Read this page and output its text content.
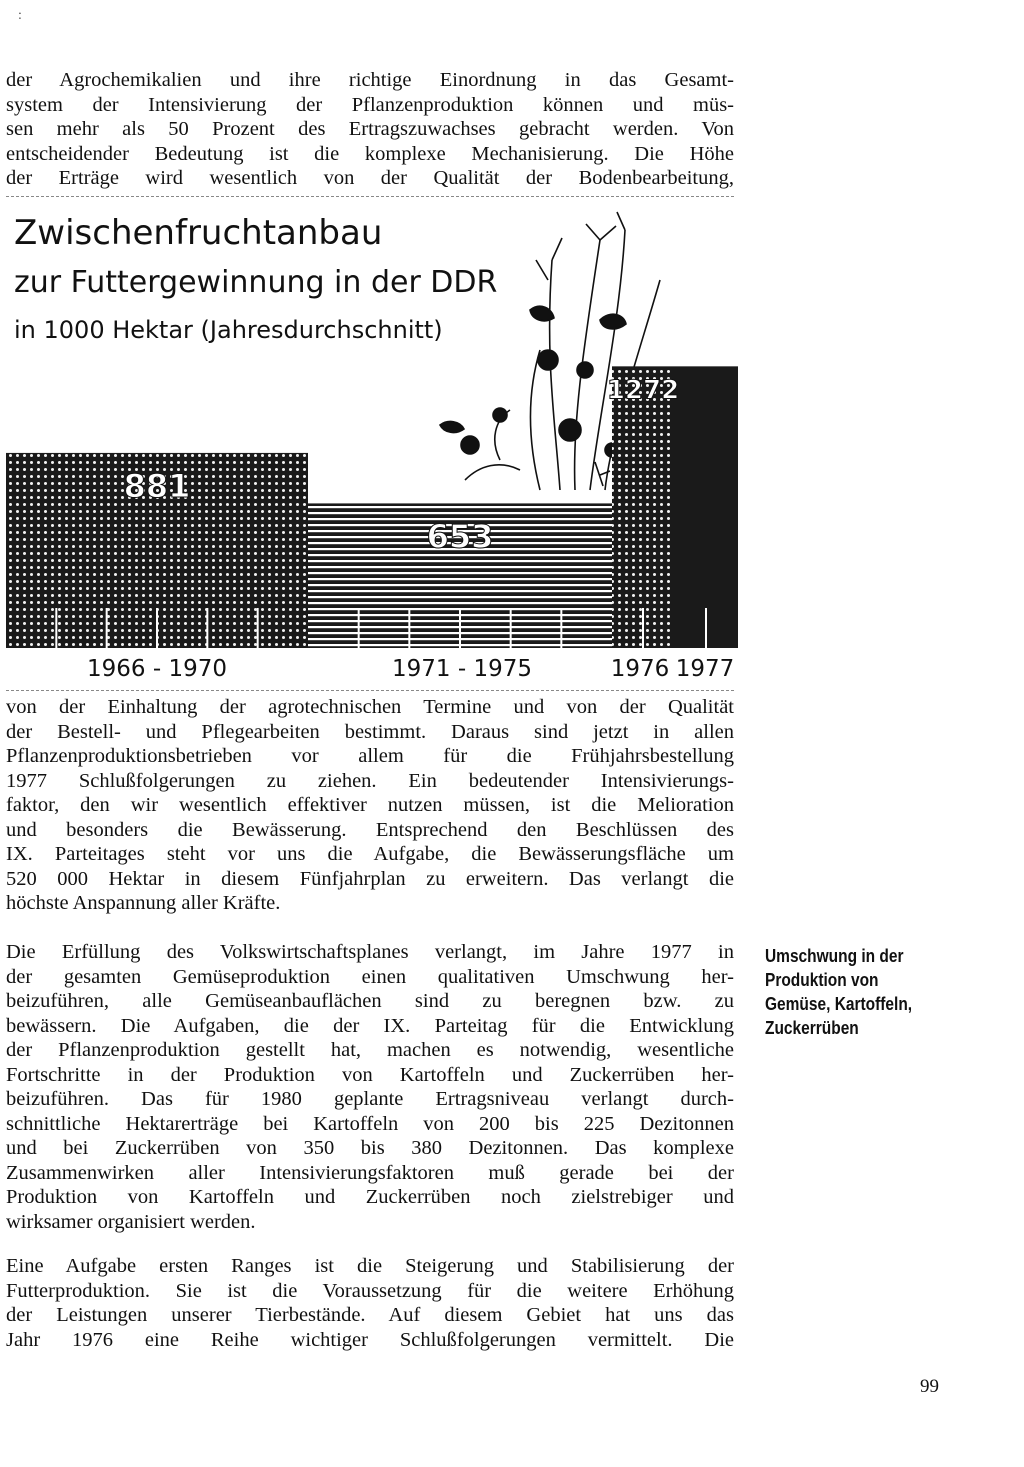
:

der Agrochemikalien und ihre richtige Einordnung in das Gesamt-
system der Intensivierung der Pflanzenproduktion können und müs-
sen mehr als 50 Prozent des Ertragszuwachses gebracht werden. Von
entscheidender Bedeutung ist die komplexe Mechanisierung. Die Höhe
der Erträge wird wesentlich von der Qualität der Bodenbearbeitung,

Zwischenfruchtanbau
zur Futtergewinnung in der DDR
in 1000 Hektar (Jahresdurchschnitt)
881
653
1272
1966 - 1970	1971 - 1975	1976 1977

von der Einhaltung der agrotechnischen Termine und von der Qualität
der Bestell- und Pflegearbeiten bestimmt. Daraus sind jetzt in allen
Pflanzenproduktionsbetrieben vor allem für die Frühjahrsbestellung
1977 Schlußfolgerungen zu ziehen. Ein bedeutender Intensivierungs-
faktor, den wir wesentlich effektiver nutzen müssen, ist die Melioration
und besonders die Bewässerung. Entsprechend den Beschlüssen des
IX. Parteitages steht vor uns die Aufgabe, die Bewässerungsfläche um
520 000 Hektar in diesem Fünfjahrplan zu erweitern. Das verlangt die
höchste Anspannung aller Kräfte.

Die Erfüllung des Volkswirtschaftsplanes verlangt, im Jahre 1977 in
der gesamten Gemüseproduktion einen qualitativen Umschwung her-
beizuführen, alle Gemüseanbauflächen sind zu beregnen bzw. zu
bewässern. Die Aufgaben, die der IX. Parteitag für die Entwicklung
der Pflanzenproduktion gestellt hat, machen es notwendig, wesentliche
Fortschritte in der Produktion von Kartoffeln und Zuckerrüben her-
beizuführen. Das für 1980 geplante Ertragsniveau verlangt durch-
schnittliche Hektarerträge bei Kartoffeln von 200 bis 225 Dezitonnen
und bei Zuckerrüben von 350 bis 380 Dezitonnen. Das komplexe
Zusammenwirken aller Intensivierungsfaktoren muß gerade bei der
Produktion von Kartoffeln und Zuckerrüben noch zielstrebiger und
wirksamer organisiert werden.

Eine Aufgabe ersten Ranges ist die Steigerung und Stabilisierung der
Futterproduktion. Sie ist die Voraussetzung für die weitere Erhöhung
der Leistungen unserer Tierbestände. Auf diesem Gebiet hat uns das
Jahr 1976 eine Reihe wichtiger Schlußfolgerungen vermittelt. Die

Umschwung in der
Produktion von
Gemüse, Kartoffeln,
Zuckerrüben
99
